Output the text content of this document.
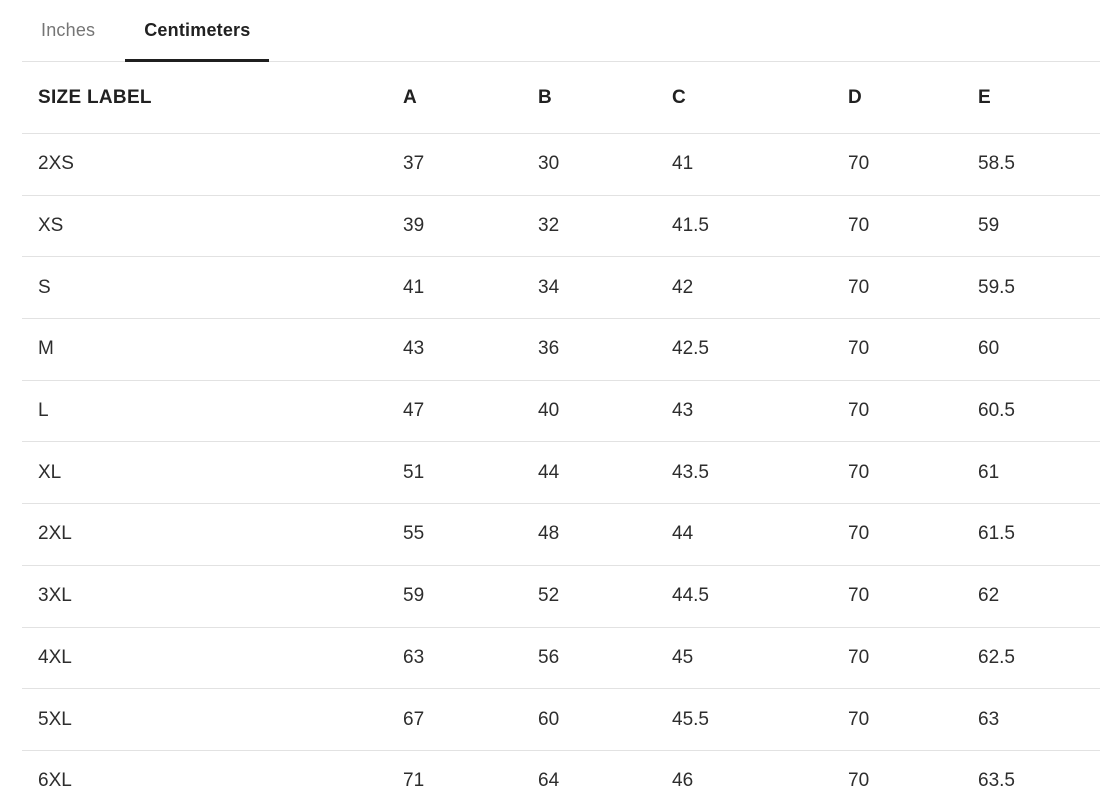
Inches	Centimeters
SIZE LABEL	A	B	C	D	E
2XS	37	30	41	70	58.5
XS	39	32	41.5	70	59
S	41	34	42	70	59.5
M	43	36	42.5	70	60
L	47	40	43	70	60.5
XL	51	44	43.5	70	61
2XL	55	48	44	70	61.5
3XL	59	52	44.5	70	62
4XL	63	56	45	70	62.5
5XL	67	60	45.5	70	63
6XL	71	64	46	70	63.5
